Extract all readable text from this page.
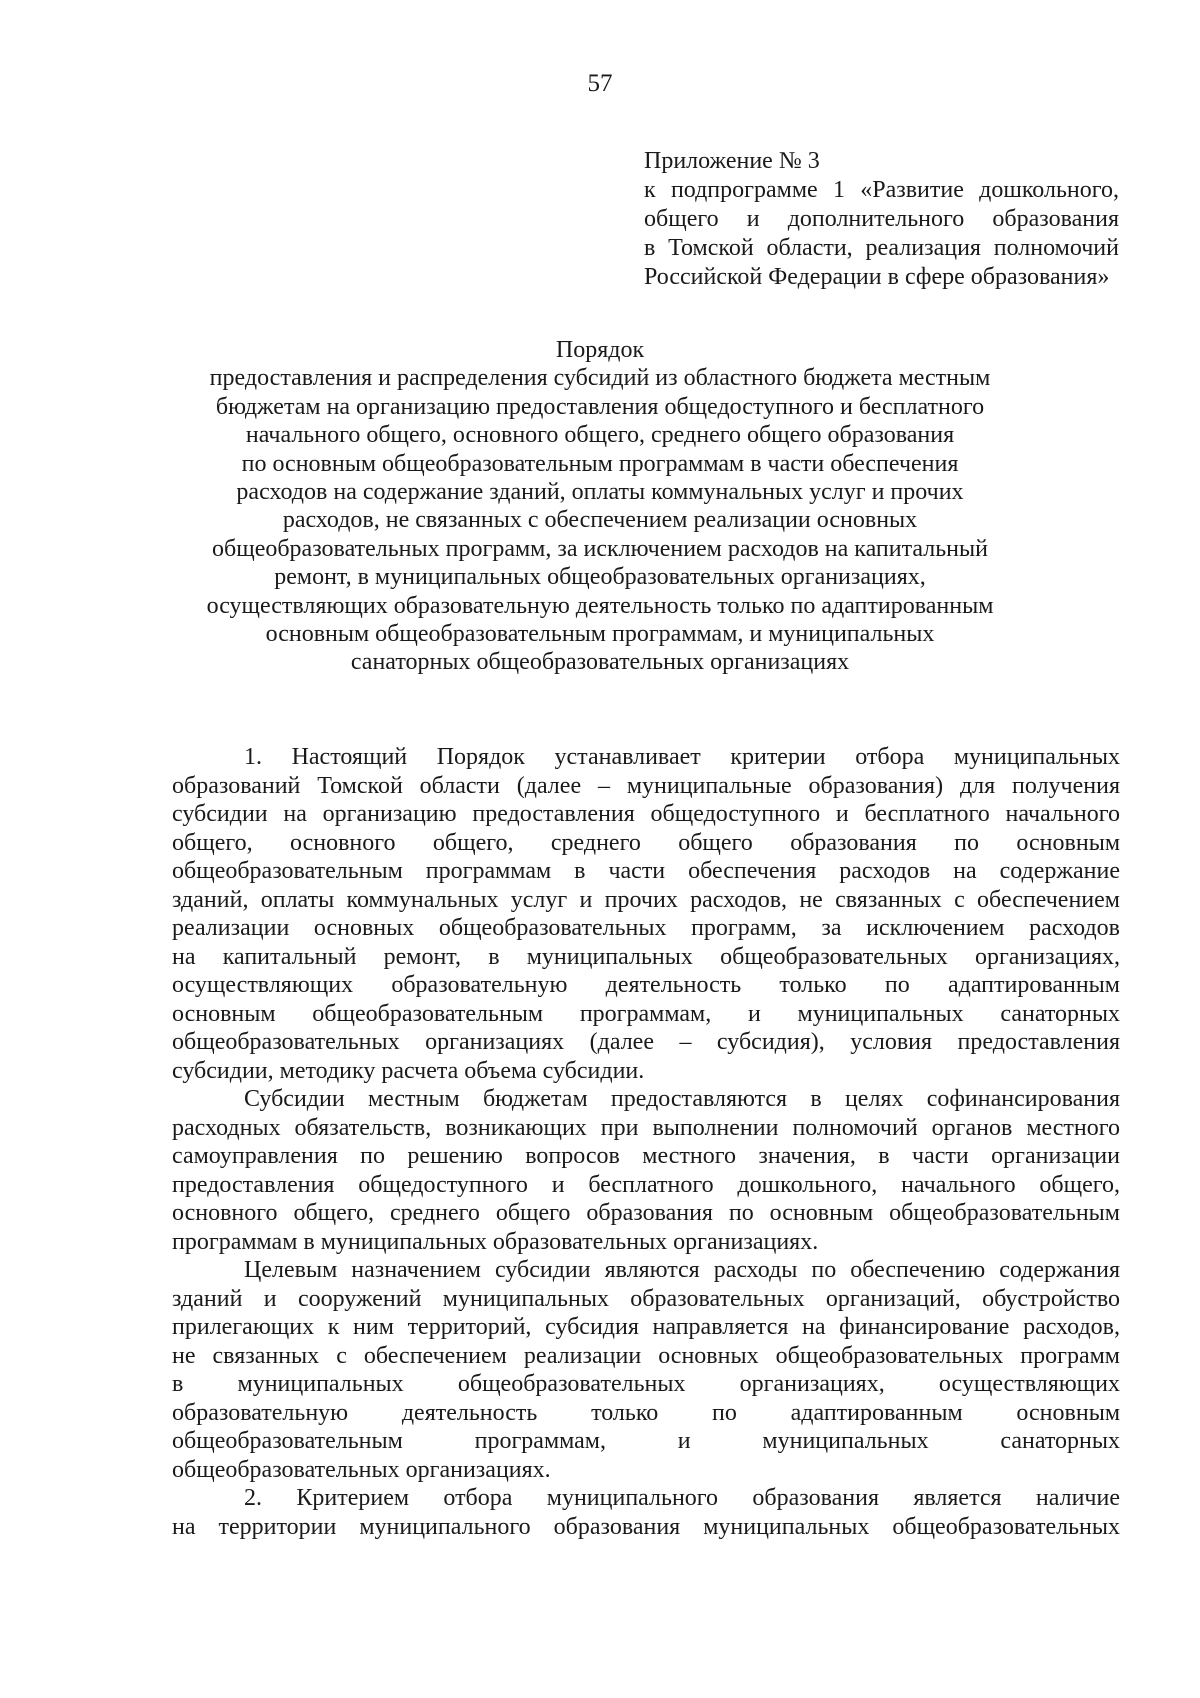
57
Приложение № 3
к подпрограмме 1 «Развитие дошкольного,
общего и дополнительного образования
в Томской области, реализация полномочий
Российской Федерации в сфере образования»
Порядок
предоставления и распределения субсидий из областного бюджета местным
бюджетам на организацию предоставления общедоступного и бесплатного
начального общего, основного общего, среднего общего образования
по основным общеобразовательным программам в части обеспечения
расходов на содержание зданий, оплаты коммунальных услуг и прочих
расходов, не связанных с обеспечением реализации основных
общеобразовательных программ, за исключением расходов на капитальный
ремонт, в муниципальных общеобразовательных организациях,
осуществляющих образовательную деятельность только по адаптированным
основным общеобразовательным программам, и муниципальных
санаторных общеобразовательных организациях
1. Настоящий Порядок устанавливает критерии отбора муниципальных
образований Томской области (далее – муниципальные образования) для получения
субсидии на организацию предоставления общедоступного и бесплатного начального
общего, основного общего, среднего общего образования по основным
общеобразовательным программам в части обеспечения расходов на содержание
зданий, оплаты коммунальных услуг и прочих расходов, не связанных с обеспечением
реализации основных общеобразовательных программ, за исключением расходов
на капитальный ремонт, в муниципальных общеобразовательных организациях,
осуществляющих образовательную деятельность только по адаптированным
основным общеобразовательным программам, и муниципальных санаторных
общеобразовательных организациях (далее – субсидия), условия предоставления
субсидии, методику расчета объема субсидии.
Субсидии местным бюджетам предоставляются в целях софинансирования
расходных обязательств, возникающих при выполнении полномочий органов местного
самоуправления по решению вопросов местного значения, в части организации
предоставления общедоступного и бесплатного дошкольного, начального общего,
основного общего, среднего общего образования по основным общеобразовательным
программам в муниципальных образовательных организациях.
Целевым назначением субсидии являются расходы по обеспечению содержания
зданий и сооружений муниципальных образовательных организаций, обустройство
прилегающих к ним территорий, субсидия направляется на финансирование расходов,
не связанных с обеспечением реализации основных общеобразовательных программ
в муниципальных общеобразовательных организациях, осуществляющих
образовательную деятельность только по адаптированным основным
общеобразовательным программам, и муниципальных санаторных
общеобразовательных организациях.
2. Критерием отбора муниципального образования является наличие
на территории муниципального образования муниципальных общеобразовательных
